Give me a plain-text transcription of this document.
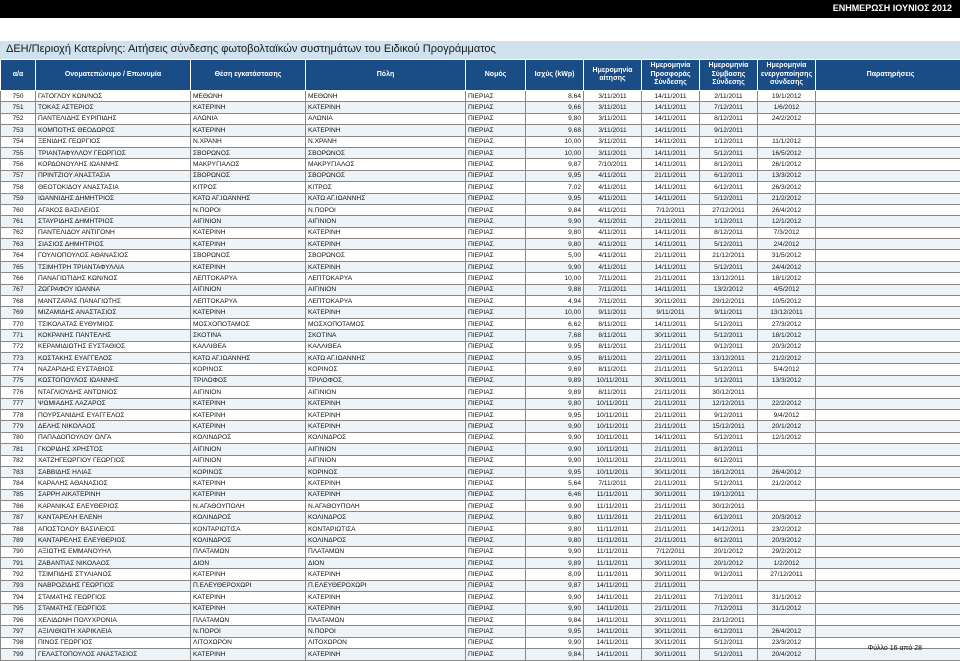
ΕΝΗΜΕΡΩΣΗ ΙΟΥΝΙΟΣ 2012
ΔΕΗ/Περιοχή Κατερίνης: Αιτήσεις σύνδεσης φωτοβολταϊκών συστημάτων του Ειδικού Προγράμματος
α/α	Ονοματεπώνυμο / Επωνυμία	Θέση εγκατάστασης	Πόλη	Νομός	Ισχύς (kWp)	Ημερομηνία αίτησης	Ημερομηνία Προσφοράς Σύνδεσης	Ημερομηνία Σύμβασης Σύνδεσης	Ημερομηνία ενεργοποίησης σύνδεσης	Παρατηρήσεις
750	ΓΑΤΟΓΛΟΥ ΚΩΝ/ΝΟΣ	ΜΕΘΩΝΗ	ΜΕΘΩΝΗ	ΠΙΕΡΙΑΣ	8,64	3/11/2011	14/11/2011	2/11/2011	19/1/2012	
751	ΤΟΚΑΣ ΑΣΤΕΡΙΟΣ	ΚΑΤΕΡΙΝΗ	ΚΑΤΕΡΙΝΗ	ΠΙΕΡΙΑΣ	9,66	3/11/2011	14/11/2011	7/12/2011	1/6/2012	
752	ΠΑΝΤΕΛΙΔΗΣ ΕΥΡΙΠΙΔΗΣ	ΑΛΩΝΙΑ	ΑΛΩΝΙΑ	ΠΙΕΡΙΑΣ	9,80	3/11/2011	14/11/2011	8/12/2011	24/2/2012	
753	ΚΟΜΠΟΤΗΣ ΘΕΟΔΩΡΟΣ	ΚΑΤΕΡΙΝΗ	ΚΑΤΕΡΙΝΗ	ΠΙΕΡΙΑΣ	9,68	3/11/2011	14/11/2011	9/12/2011		
754	ΞΕΝΙΔΗΣ ΓΕΩΡΓΙΟΣ	Ν.ΧΡΑΝΗ	Ν.ΧΡΑΝΗ	ΠΙΕΡΙΑΣ	10,00	3/11/2011	14/11/2011	1/12/2011	11/1/2012	
755	ΤΡΙΑΝΤΑΦΥΛΛΟΥ ΓΕΩΡΓΙΟΣ	ΣΒΟΡΩΝΟΣ	ΣΒΟΡΩΝΟΣ	ΠΙΕΡΙΑΣ	10,00	3/11/2011	14/11/2011	5/12/2011	16/5/2012	
756	ΚΟΡΔΟΝΟΥΛΗΣ ΙΩΑΝΝΗΣ	ΜΑΚΡΥΓΙΑΛΟΣ	ΜΑΚΡΥΓΙΑΛΟΣ	ΠΙΕΡΙΑΣ	9,87	7/10/2011	14/11/2011	8/12/2011	26/1/2012	
757	ΠΡΙΝΤΖΙΟΥ ΑΝΑΣΤΑΣΙΑ	ΣΒΟΡΩΝΟΣ	ΣΒΟΡΩΝΟΣ	ΠΙΕΡΙΑΣ	9,95	4/11/2011	21/11/2011	6/12/2011	13/3/2012	
758	ΘΕΟΤΟΚΙΔΟΥ ΑΝΑΣΤΑΣΙΑ	ΚΙΤΡΟΣ	ΚΙΤΡΟΣ	ΠΙΕΡΙΑΣ	7,02	4/11/2011	14/11/2011	6/12/2011	26/3/2012	
759	ΙΩΑΝΝΙΔΗΣ ΔΗΜΗΤΡΙΟΣ	ΚΑΤΩ ΑΓ.ΙΩΑΝΝΗΣ	ΚΑΤΩ ΑΓ.ΙΩΑΝΝΗΣ	ΠΙΕΡΙΑΣ	9,95	4/11/2011	14/11/2011	5/12/2011	21/2/2012	
760	ΑΓΑΚΟΣ ΒΑΣΙΛΕΙΟΣ	Ν.ΠΟΡΟΙ	Ν.ΠΟΡΟΙ	ΠΙΕΡΙΑΣ	9,84	4/11/2011	7/12/2011	27/12/2011	26/4/2012	
761	ΣΤΑΥΡΙΔΗΣ ΔΗΜΗΤΡΙΟΣ	ΑΙΓΙΝΙΟΝ	ΑΙΓΙΝΙΟΝ	ΠΙΕΡΙΑΣ	9,90	4/11/2011	21/11/2011	1/12/2011	12/1/2012	
762	ΠΑΝΤΕΛΙΔΟΥ ΑΝΤΙΓΟΝΗ	ΚΑΤΕΡΙΝΗ	ΚΑΤΕΡΙΝΗ	ΠΙΕΡΙΑΣ	9,80	4/11/2011	14/11/2011	8/12/2011	7/3/2012	
763	ΣΙΑΣΙΟΣ ΔΗΜΗΤΡΙΟΣ	ΚΑΤΕΡΙΝΗ	ΚΑΤΕΡΙΝΗ	ΠΙΕΡΙΑΣ	9,80	4/11/2011	14/11/2011	5/12/2011	2/4/2012	
764	ΓΟΥΛΙΟΠΟΥΛΟΣ ΑΘΑΝΑΣΙΟΣ	ΣΒΟΡΩΝΟΣ	ΣΒΟΡΩΝΟΣ	ΠΙΕΡΙΑΣ	5,00	4/11/2011	21/11/2011	21/12/2011	31/5/2012	
765	ΤΣΙΜΗΤΡΗ ΤΡΙΑΝΤΑΦΥΛΛΙΑ	ΚΑΤΕΡΙΝΗ	ΚΑΤΕΡΙΝΗ	ΠΙΕΡΙΑΣ	9,90	4/11/2011	14/11/2011	5/12/2011	24/4/2012	
766	ΠΑΝΑΓΙΩΤΙΔΗΣ ΚΩΝ/ΝΟΣ	ΛΕΠΤΟΚΑΡΥΑ	ΛΕΠΤΟΚΑΡΥΑ	ΠΙΕΡΙΑΣ	10,00	7/11/2011	21/11/2011	13/12/2011	18/1/2012	
767	ΖΩΓΡΑΦΟΥ ΙΩΑΝΝΑ	ΑΙΓΙΝΙΟΝ	ΑΙΓΙΝΙΟΝ	ΠΙΕΡΙΑΣ	9,88	7/11/2011	14/11/2011	13/2/2012	4/5/2012	
768	ΜΑΝΤΖΑΡΑΣ ΠΑΝΑΓΙΩΤΗΣ	ΛΕΠΤΟΚΑΡΥΑ	ΛΕΠΤΟΚΑΡΥΑ	ΠΙΕΡΙΑΣ	4,94	7/11/2011	30/11/2011	29/12/2011	10/5/2012	
769	ΜΙΖΑΜΙΔΗΣ ΑΝΑΣΤΑΣΙΟΣ	ΚΑΤΕΡΙΝΗ	ΚΑΤΕΡΙΝΗ	ΠΙΕΡΙΑΣ	10,00	9/11/2011	9/11/2011	9/11/2011	13/12/2011	
770	ΤΣΙΚΟΛΑΤΑΣ ΕΥΘΥΜΙΟΣ	ΜΟΣΧΟΠΟΤΑΜΟΣ	ΜΟΣΧΟΠΟΤΑΜΟΣ	ΠΙΕΡΙΑΣ	6,62	8/11/2011	14/11/2011	5/12/2011	27/3/2012	
771	ΚΟΚΡΑΝΗΣ ΠΑΝΤΕΛΗΣ	ΣΚΟΤΙΝΑ	ΣΚΟΤΙΝΑ	ΠΙΕΡΙΑΣ	7,68	8/11/2011	30/11/2011	5/12/2011	18/1/2012	
772	ΚΕΡΑΜΙΔΙΩΤΗΣ ΕΥΣΤΑΘΙΟΣ	ΚΑΛΛΙΘΕΑ	ΚΑΛΛΙΘΕΑ	ΠΙΕΡΙΑΣ	9,95	8/11/2011	21/11/2011	9/12/2011	20/3/2012	
773	ΚΩΣΤΑΚΗΣ ΕΥΑΓΓΕΛΟΣ	ΚΑΤΩ ΑΓ.ΙΩΑΝΝΗΣ	ΚΑΤΩ ΑΓ.ΙΩΑΝΝΗΣ	ΠΙΕΡΙΑΣ	9,95	8/11/2011	22/11/2011	13/12/2011	21/2/2012	
774	ΝΑΖΑΡΙΔΗΣ ΕΥΣΤΑΘΙΟΣ	ΚΟΡΙΝΟΣ	ΚΟΡΙΝΟΣ	ΠΙΕΡΙΑΣ	9,69	8/11/2011	21/11/2011	5/12/2011	5/4/2012	
775	ΚΩΣΤΟΠΟΥΛΟΣ ΙΩΑΝΝΗΣ	ΤΡΙΛΟΦΟΣ	ΤΡΙΛΟΦΟΣ	ΠΙΕΡΙΑΣ	9,89	10/11/2011	30/11/2011	1/12/2011	13/3/2012	
776	ΝΤΑΓΛΙΟΥΔΗΣ ΑΝΤΩΝΙΟΣ	ΑΙΓΙΝΙΟΝ	ΑΙΓΙΝΙΟΝ	ΠΙΕΡΙΑΣ	9,89	8/11/2011	21/11/2011	30/12/2011		
777	ΨΩΜΙΑΔΗΣ ΛΑΖΑΡΟΣ	ΚΑΤΕΡΙΝΗ	ΚΑΤΕΡΙΝΗ	ΠΙΕΡΙΑΣ	9,80	10/11/2011	21/11/2011	12/12/2011	22/2/2012	
778	ΠΟΥΡΣΑΝΙΔΗΣ ΕΥΑΓΓΕΛΟΣ	ΚΑΤΕΡΙΝΗ	ΚΑΤΕΡΙΝΗ	ΠΙΕΡΙΑΣ	9,95	10/11/2011	21/11/2011	9/12/2011	9/4/2012	
779	ΔΕΛΗΣ ΝΙΚΟΛΑΟΣ	ΚΑΤΕΡΙΝΗ	ΚΑΤΕΡΙΝΗ	ΠΙΕΡΙΑΣ	9,90	10/11/2011	21/11/2011	15/12/2011	20/1/2012	
780	ΠΑΠΑΔΟΠΟΥΛΟΥ ΟΛΓΑ	ΚΟΛΙΝΔΡΟΣ	ΚΟΛΙΝΔΡΟΣ	ΠΙΕΡΙΑΣ	9,90	10/11/2011	14/11/2011	5/12/2011	12/1/2012	
781	ΓΚΟΡΙΔΗΣ ΧΡΗΣΤΟΣ	ΑΙΓΙΝΙΟΝ	ΑΙΓΙΝΙΟΝ	ΠΙΕΡΙΑΣ	9,90	10/11/2011	21/11/2011	8/12/2011		
782	ΧΑΤΖΗΓΕΩΡΓΙΟΥ ΓΕΩΡΓΙΟΣ	ΑΙΓΙΝΙΟΝ	ΑΙΓΙΝΙΟΝ	ΠΙΕΡΙΑΣ	9,90	10/11/2011	21/11/2011	6/12/2011		
783	ΣΑΒΒΙΔΗΣ ΗΛΙΑΣ	ΚΟΡΙΝΟΣ	ΚΟΡΙΝΟΣ	ΠΙΕΡΙΑΣ	9,95	10/11/2011	30/11/2011	16/12/2011	26/4/2012	
784	ΚΑΡΑΛΗΣ ΑΘΑΝΑΣΙΟΣ	ΚΑΤΕΡΙΝΗ	ΚΑΤΕΡΙΝΗ	ΠΙΕΡΙΑΣ	5,64	7/11/2011	21/11/2011	5/12/2011	21/2/2012	
785	ΣΑΡΡΗ ΑΙΚΑΤΕΡΙΝΗ	ΚΑΤΕΡΙΝΗ	ΚΑΤΕΡΙΝΗ	ΠΙΕΡΙΑΣ	6,46	11/11/2011	30/11/2011	19/12/2011		
786	ΚΑΡΑΝΙΚΑΣ ΕΛΕΥΘΕΡΙΟΣ	Ν.ΑΓΑΘΟΥΠΟΛΗ	Ν.ΑΓΑΘΟΥΠΟΛΗ	ΠΙΕΡΙΑΣ	9,90	11/11/2011	21/11/2011	30/12/2011		
787	ΚΑΝΤΑΡΕΛΗ ΕΛΕΝΗ	ΚΟΛΙΝΔΡΟΣ	ΚΟΛΙΝΔΡΟΣ	ΠΙΕΡΙΑΣ	9,80	11/11/2011	21/11/2011	6/12/2011	20/3/2012	
788	ΑΠΟΣΤΟΛΟΥ ΒΑΣΙΛΕΙΟΣ	ΚΟΝΤΑΡΙΩΤΙΣΑ	ΚΟΝΤΑΡΙΩΤΙΣΑ	ΠΙΕΡΙΑΣ	9,80	11/11/2011	21/11/2011	14/12/2011	23/2/2012	
789	ΚΑΝΤΑΡΕΛΗΣ ΕΛΕΥΘΕΡΙΟΣ	ΚΟΛΙΝΔΡΟΣ	ΚΟΛΙΝΔΡΟΣ	ΠΙΕΡΙΑΣ	9,80	11/11/2011	21/11/2011	6/12/2011	20/3/2012	
790	ΑΞΙΩΤΗΣ ΕΜΜΑΝΟΥΗΛ	ΠΛΑΤΑΜΩΝ	ΠΛΑΤΑΜΩΝ	ΠΙΕΡΙΑΣ	9,90	11/11/2011	7/12/2011	20/1/2012	29/2/2012	
791	ΖΑΒΑΝΤΙΑΣ ΝΙΚΟΛΑΟΣ	ΔΙΟΝ	ΔΙΟΝ	ΠΙΕΡΙΑΣ	9,89	11/11/2011	30/11/2011	20/1/2012	1/2/2012	
792	ΤΣΙΜΠΙΔΗΣ ΣΤΥΛΙΑΝΟΣ	ΚΑΤΕΡΙΝΗ	ΚΑΤΕΡΙΝΗ	ΠΙΕΡΙΑΣ	8,09	11/11/2011	30/11/2011	9/12/2011	27/12/2011	
793	ΝΑΒΡΟΖΙΔΗΣ ΓΕΩΡΓΙΟΣ	Π.ΕΛΕΥΘΕΡΟΧΩΡΙ	Π.ΕΛΕΥΘΕΡΟΧΩΡΙ	ΠΙΕΡΙΑΣ	9,87	14/11/2011	21/11/2011			
794	ΣΤΑΜΑΤΗΣ ΓΕΩΡΓΙΟΣ	ΚΑΤΕΡΙΝΗ	ΚΑΤΕΡΙΝΗ	ΠΙΕΡΙΑΣ	9,90	14/11/2011	21/11/2011	7/12/2011	31/1/2012	
795	ΣΤΑΜΑΤΗΣ ΓΕΩΡΓΙΟΣ	ΚΑΤΕΡΙΝΗ	ΚΑΤΕΡΙΝΗ	ΠΙΕΡΙΑΣ	9,90	14/11/2011	21/11/2011	7/12/2011	31/1/2012	
796	ΧΕΛΙΔΩΝΗ ΠΟΛΥΧΡΟΝΙΑ	ΠΛΑΤΑΜΩΝ	ΠΛΑΤΑΜΩΝ	ΠΙΕΡΙΑΣ	9,84	14/11/2011	30/11/2011	23/12/2011		
797	ΑΞΙΛΙΘΙΩΤΗ ΧΑΡΙΚΛΕΙΑ	Ν.ΠΟΡΟΙ	Ν.ΠΟΡΟΙ	ΠΙΕΡΙΑΣ	9,95	14/11/2011	30/11/2011	6/12/2011	26/4/2012	
798	ΠΙΝΟΣ ΓΕΩΡΓΙΟΣ	ΛΙΤΟΧΩΡΟΝ	ΛΙΤΟΧΩΡΟΝ	ΠΙΕΡΙΑΣ	9,90	14/11/2011	30/11/2011	5/12/2011	23/3/2012	
799	ΓΕΛΑΣΤΟΠΟΥΛΟΣ ΑΝΑΣΤΑΣΙΟΣ	ΚΑΤΕΡΙΝΗ	ΚΑΤΕΡΙΝΗ	ΠΙΕΡΙΑΣ	9,84	14/11/2011	30/11/2011	5/12/2011	20/4/2012	
Φύλλο 16 από 28
